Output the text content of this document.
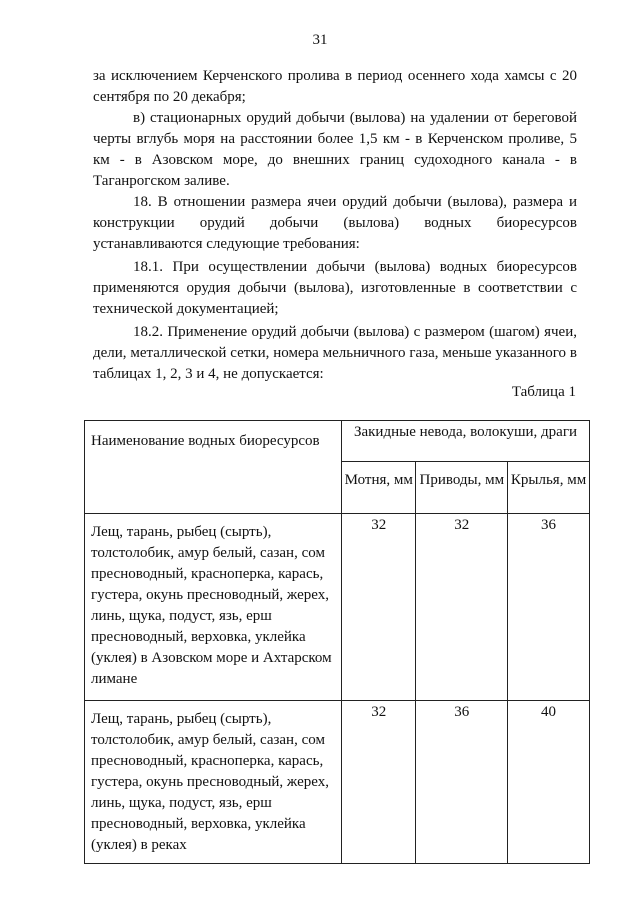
31

за исключением Керченского пролива в период осеннего хода хамсы с 20 сентября по 20 декабря;

в) стационарных орудий добычи (вылова) на удалении от береговой черты вглубь моря на расстоянии более 1,5 км - в Керченском проливе, 5 км - в Азовском море, до внешних границ судоходного канала - в Таганрогском заливе.

18. В отношении размера ячеи орудий добычи (вылова), размера и конструкции орудий добычи (вылова) водных биоресурсов устанавливаются следующие требования:

18.1. При осуществлении добычи (вылова) водных биоресурсов применяются орудия добычи (вылова), изготовленные в соответствии с технической документацией;

18.2. Применение орудий добычи (вылова) с размером (шагом) ячеи, дели, металлической сетки, номера мельничного газа, меньше указанного в таблицах 1, 2, 3 и 4, не допускается:

Таблица 1
Наименование водных биоресурсов	Закидные невода, волокуши, драги		
	Мотня, мм	Приводы, мм	Крылья, мм
Лещ, тарань, рыбец (сырть), толстолобик, амур белый, сазан, сом пресноводный, красноперка, карась, густера, окунь пресноводный, жерех, линь, щука, подуст, язь, ерш пресноводный, верховка, уклейка (уклея) в Азовском море и Ахтарском лимане	32	32	36
Лещ, тарань, рыбец (сырть), толстолобик, амур белый, сазан, сом пресноводный, красноперка, карась, густера, окунь пресноводный, жерех, линь, щука, подуст, язь, ерш пресноводный, верховка, уклейка (уклея) в реках	32	36	40
